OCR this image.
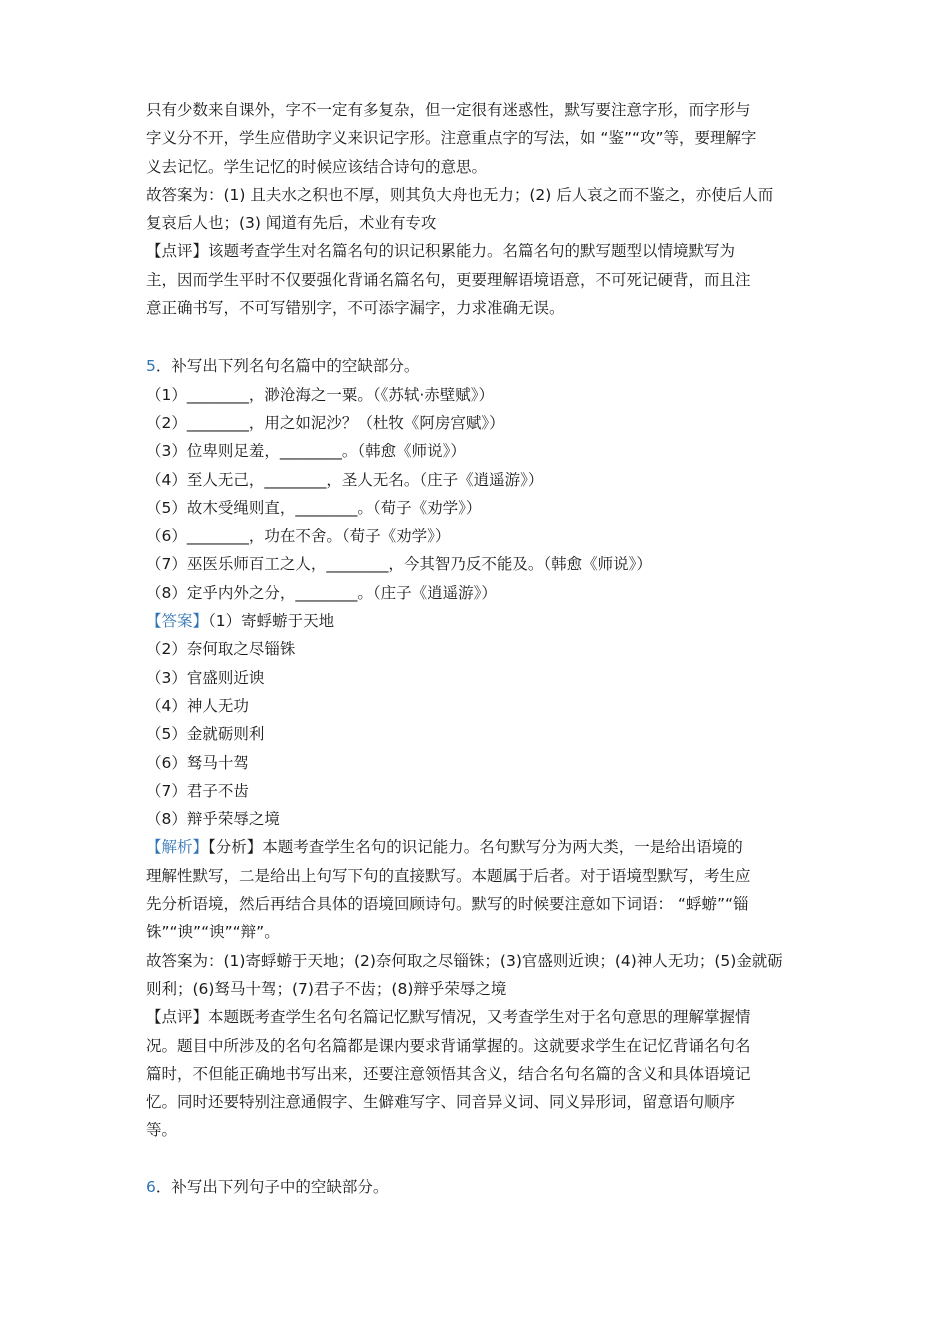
只有少数来自课外，字不一定有多复杂，但一定很有迷惑性，默写要注意字形，而字形与

字义分不开，学生应借助字义来识记字形。注意重点字的写法，如 “鉴”“攻”等，要理解字

义去记忆。学生记忆的时候应该结合诗句的意思。

故答案为：(1) 且夫水之积也不厚，则其负大舟也无力；(2) 后人哀之而不鉴之，亦使后人而

复哀后人也；(3) 闻道有先后，术业有专攻

【点评】该题考查学生对名篇名句的识记积累能力。名篇名句的默写题型以情境默写为

主，因而学生平时不仅要强化背诵名篇名句，更要理解语境语意，不可死记硬背，而且注

意正确书写，不可写错别字，不可添字漏字，力求准确无误。

5．补写出下列名句名篇中的空缺部分。

（1）________，渺沧海之一粟。（《苏轼·赤壁赋》）

（2）________，用之如泥沙？（杜牧《阿房宫赋》）

（3）位卑则足羞，________。（韩愈《师说》）

（4）至人无己，________，圣人无名。（庄子《逍遥游》）

（5）故木受绳则直，________。（荀子《劝学》）

（6）________，功在不舍。（荀子《劝学》）

（7）巫医乐师百工之人，________，今其智乃反不能及。（韩愈《师说》）

（8）定乎内外之分，________。（庄子《逍遥游》）

【答案】（1）寄蜉蝣于天地

（2）奈何取之尽锱铢

（3）官盛则近谀

（4）神人无功

（5）金就砺则利

（6）驽马十驾

（7）君子不齿

（8）辩乎荣辱之境

【解析】【分析】本题考查学生名句的识记能力。名句默写分为两大类，一是给出语境的

理解性默写，二是给出上句写下句的直接默写。本题属于后者。对于语境型默写，考生应

先分析语境，然后再结合具体的语境回顾诗句。默写的时候要注意如下词语： “蜉蝣”“锱

铢”“谀”“谀”“辩”。

故答案为：(1)寄蜉蝣于天地；(2)奈何取之尽锱铢；(3)官盛则近谀；(4)神人无功；(5)金就砺

则利；(6)驽马十驾；(7)君子不齿；(8)辩乎荣辱之境

【点评】本题既考查学生名句名篇记忆默写情况，又考查学生对于名句意思的理解掌握情

况。题目中所涉及的名句名篇都是课内要求背诵掌握的。这就要求学生在记忆背诵名句名

篇时，不但能正确地书写出来，还要注意领悟其含义，结合名句名篇的含义和具体语境记

忆。同时还要特别注意通假字、生僻难写字、同音异义词、同义异形词，留意语句顺序

等。

6．补写出下列句子中的空缺部分。
